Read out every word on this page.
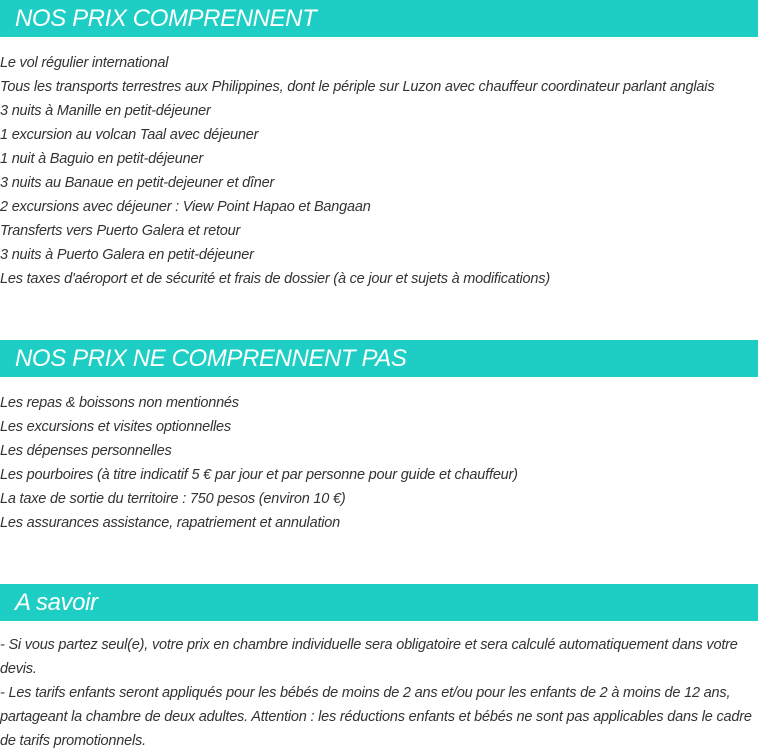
NOS PRIX COMPRENNENT
Le vol régulier international
Tous les transports terrestres aux Philippines, dont le périple sur Luzon avec chauffeur coordinateur parlant anglais
3 nuits à Manille en petit-déjeuner
1 excursion au volcan Taal avec déjeuner
1 nuit à Baguio en petit-déjeuner
3 nuits au Banaue en petit-dejeuner et dîner
2 excursions avec déjeuner : View Point Hapao et Bangaan
Transferts vers Puerto Galera et retour
3 nuits à Puerto Galera en petit-déjeuner
Les taxes d'aéroport et de sécurité et frais de dossier (à ce jour et sujets à modifications)
NOS PRIX NE COMPRENNENT PAS
Les repas & boissons non mentionnés
Les excursions et visites optionnelles
Les dépenses personnelles
Les pourboires (à titre indicatif 5 € par jour et par personne pour guide et chauffeur)
La taxe de sortie du territoire : 750 pesos (environ 10 €)
Les assurances assistance, rapatriement et annulation
A savoir

- Si vous partez seul(e), votre prix en chambre individuelle sera obligatoire et sera calculé automatiquement dans votre devis.

- Les tarifs enfants seront appliqués pour les bébés de moins de 2 ans et/ou pour les enfants de 2 à moins de 12 ans, partageant la chambre de deux adultes. Attention : les réductions enfants et bébés ne sont pas applicables dans le cadre de tarifs promotionnels.
